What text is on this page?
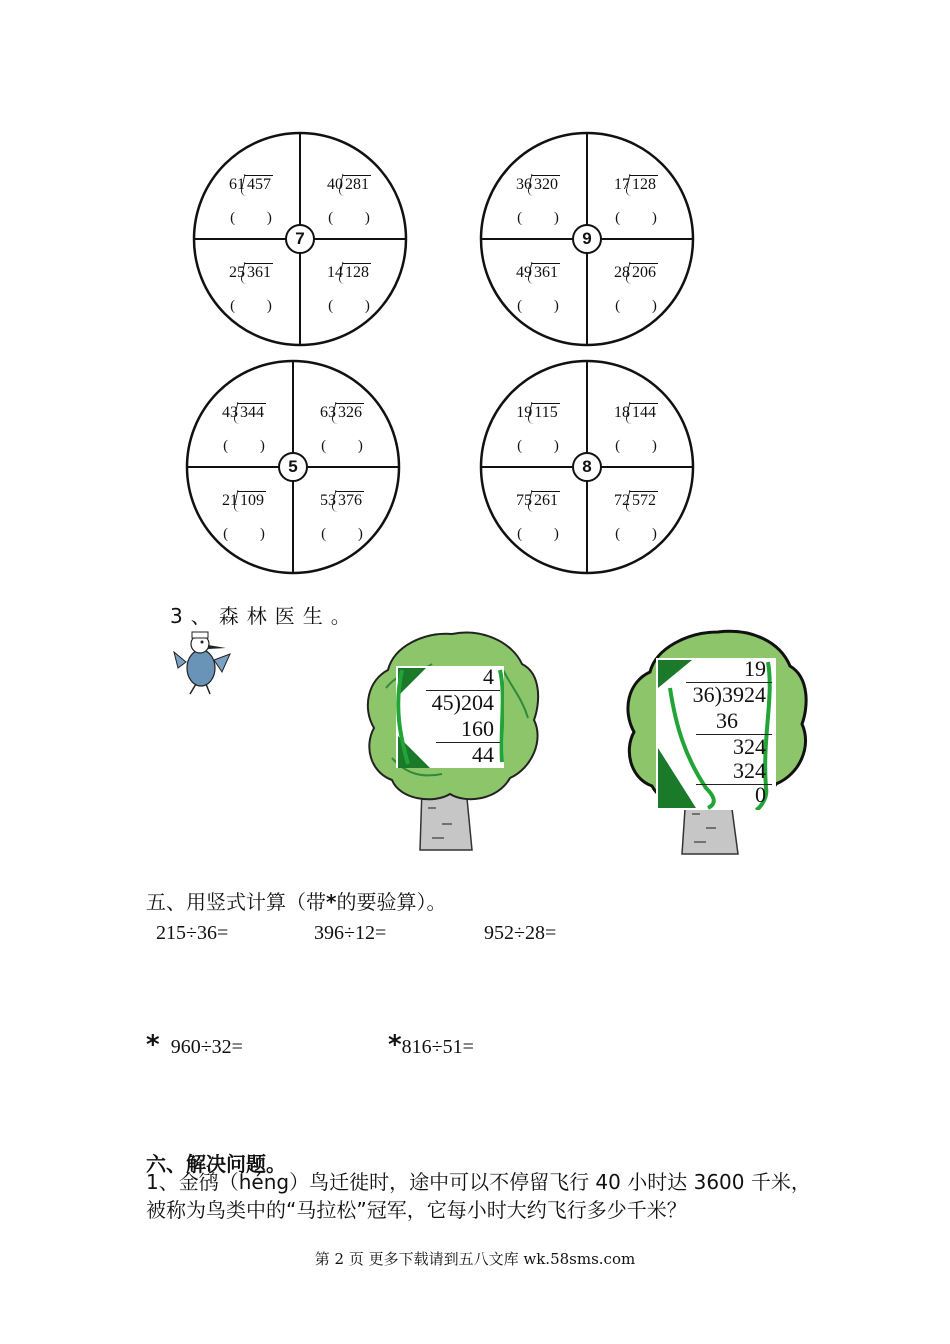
61 457
( )
40 281
( )
25 361
( )
14 128
( )
7
36 320
( )
17 128
( )
49 361
( )
28 206
( )
9
43 344
( )
63 326
( )
21 109
( )
53 376
( )
5
19 115
( )
18 144
( )
75 261
( )
72 572
( )
8
3、森林医生。
4
45)204
160
44
19
36)3924
36
324
324
0
五、用竖式计算（带*的要验算）。
215÷36=	396÷12=	952÷28=
* 960÷32=	*816÷51=
六、解决问题。
1、金鸻（héng）鸟迁徙时，途中可以不停留飞行 40 小时达 3600 千米，被称为鸟类中的“马拉松”冠军，它每小时大约飞行多少千米？
第 2 页 更多下载请到五八文库 wk.58sms.com
